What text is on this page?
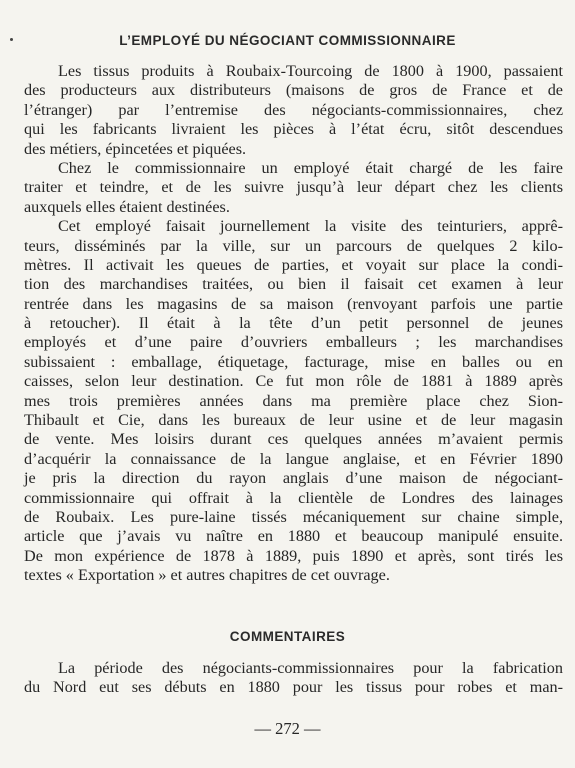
L’EMPLOYÉ DU NÉGOCIANT COMMISSIONNAIRE
Les tissus produits à Roubaix-Tourcoing de 1800 à 1900, passaient
des producteurs aux distributeurs (maisons de gros de France et de
l’étranger) par l’entremise des négociants-commissionnaires, chez
qui les fabricants livraient les pièces à l’état écru, sitôt descendues
des métiers, épincetées et piquées.
Chez le commissionnaire un employé était chargé de les faire
traiter et teindre, et de les suivre jusqu’à leur départ chez les clients
auxquels elles étaient destinées.
Cet employé faisait journellement la visite des teinturiers, apprê-
teurs, disséminés par la ville, sur un parcours de quelques 2 kilo-
mètres. Il activait les queues de parties, et voyait sur place la condi-
tion des marchandises traitées, ou bien il faisait cet examen à leur
rentrée dans les magasins de sa maison (renvoyant parfois une partie
à retoucher). Il était à la tête d’un petit personnel de jeunes
employés et d’une paire d’ouvriers emballeurs ; les marchandises
subissaient : emballage, étiquetage, facturage, mise en balles ou en
caisses, selon leur destination. Ce fut mon rôle de 1881 à 1889 après
mes trois premières années dans ma première place chez Sion-
Thibault et Cie, dans les bureaux de leur usine et de leur magasin
de vente. Mes loisirs durant ces quelques années m’avaient permis
d’acquérir la connaissance de la langue anglaise, et en Février 1890
je pris la direction du rayon anglais d’une maison de négociant-
commissionnaire qui offrait à la clientèle de Londres des lainages
de Roubaix. Les pure-laine tissés mécaniquement sur chaine simple,
article que j’avais vu naître en 1880 et beaucoup manipulé ensuite.
De mon expérience de 1878 à 1889, puis 1890 et après, sont tirés les
textes « Exportation » et autres chapitres de cet ouvrage.
COMMENTAIRES
La période des négociants-commissionnaires pour la fabrication
du Nord eut ses débuts en 1880 pour les tissus pour robes et man-
— 272 —
